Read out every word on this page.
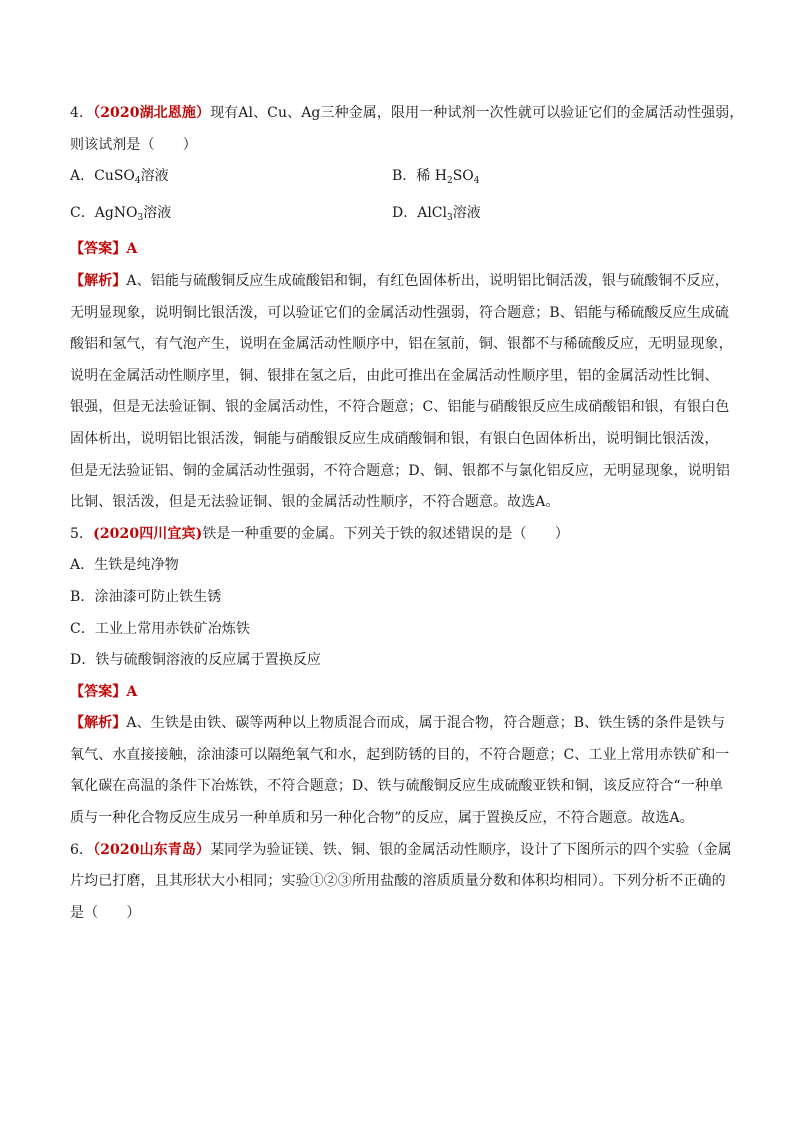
4．（2020湖北恩施）现有Al、Cu、Ag三种金属，限用一种试剂一次性就可以验证它们的金属活动性强弱，
则该试剂是（　　）
A．CuSO$_4$溶液	B．稀 $H_2SO_4$
C．AgNO$_3$溶液	D．AlCl$_3$溶液
【答案】A
【解析】A、铝能与硫酸铜反应生成硫酸铝和铜，有红色固体析出，说明铝比铜活泼，银与硫酸铜不反应，
无明显现象，说明铜比银活泼，可以验证它们的金属活动性强弱，符合题意；B、铝能与稀硫酸反应生成硫
酸铝和氢气，有气泡产生，说明在金属活动性顺序中，铝在氢前，铜、银都不与稀硫酸反应，无明显现象，
说明在金属活动性顺序里，铜、银排在氢之后，由此可推出在金属活动性顺序里，铝的金属活动性比铜、
银强，但是无法验证铜、银的金属活动性，不符合题意；C、铝能与硝酸银反应生成硝酸铝和银，有银白色
固体析出，说明铝比银活泼，铜能与硝酸银反应生成硝酸铜和银，有银白色固体析出，说明铜比银活泼，
但是无法验证铝、铜的金属活动性强弱，不符合题意；D、铜、银都不与氯化铝反应，无明显现象，说明铝
比铜、银活泼，但是无法验证铜、银的金属活动性顺序，不符合题意。故选A。
5．(2020四川宜宾)铁是一种重要的金属。下列关于铁的叙述错误的是（　　）
A．生铁是纯净物
B．涂油漆可防止铁生锈
C．工业上常用赤铁矿冶炼铁
D．铁与硫酸铜溶液的反应属于置换反应
【答案】A
【解析】A、生铁是由铁、碳等两种以上物质混合而成，属于混合物，符合题意；B、铁生锈的条件是铁与
氧气、水直接接触，涂油漆可以隔绝氧气和水，起到防锈的目的，不符合题意；C、工业上常用赤铁矿和一
氧化碳在高温的条件下冶炼铁，不符合题意；D、铁与硫酸铜反应生成硫酸亚铁和铜，该反应符合“一种单
质与一种化合物反应生成另一种单质和另一种化合物”的反应，属于置换反应，不符合题意。故选A。
6．（2020山东青岛）某同学为验证镁、铁、铜、银的金属活动性顺序，设计了下图所示的四个实验（金属
片均已打磨，且其形状大小相同；实验①②③所用盐酸的溶质质量分数和体积均相同）。下列分析不正确的
是（　　）
